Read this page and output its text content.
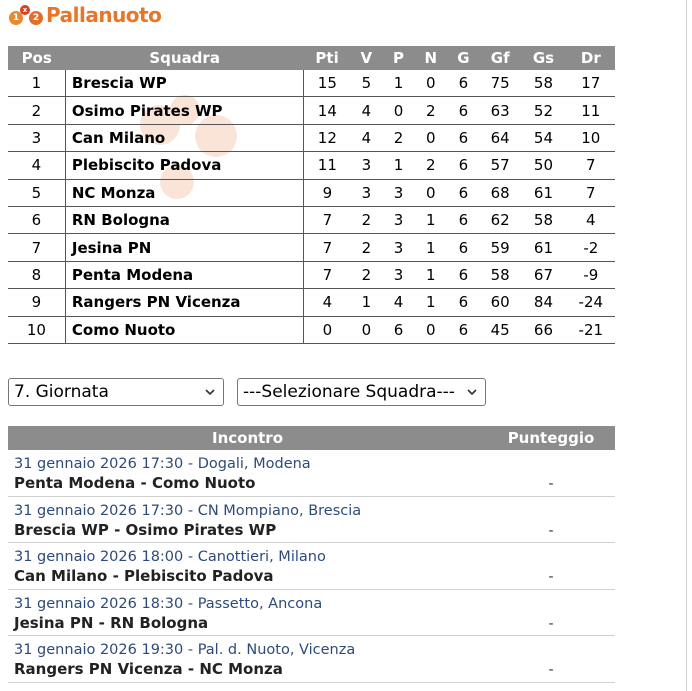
1
x
2 Pallanuoto
Pos	Squadra	Pti	V	P	N	G	Gf	Gs	Dr
1	Brescia WP	15	5	1	0	6	75	58	17
2	Osimo Pirates WP	14	4	0	2	6	63	52	11
3	Can Milano	12	4	2	0	6	64	54	10
4	Plebiscito Padova	11	3	1	2	6	57	50	7
5	NC Monza	9	3	3	0	6	68	61	7
6	RN Bologna	7	2	3	1	6	62	58	4
7	Jesina PN	7	2	3	1	6	59	61	-2
8	Penta Modena	7	2	3	1	6	58	67	-9
9	Rangers PN Vicenza	4	1	4	1	6	60	84	-24
10	Como Nuoto	0	0	6	0	6	45	66	-21
7. Giornata	---Selezionare Squadra---
Incontro	Punteggio
31 gennaio 2026 17:30 - Dogali, Modena
Penta Modena - Como Nuoto	-
31 gennaio 2026 17:30 - CN Mompiano, Brescia
Brescia WP - Osimo Pirates WP	-
31 gennaio 2026 18:00 - Canottieri, Milano
Can Milano - Plebiscito Padova	-
31 gennaio 2026 18:30 - Passetto, Ancona
Jesina PN - RN Bologna	-
31 gennaio 2026 19:30 - Pal. d. Nuoto, Vicenza
Rangers PN Vicenza - NC Monza	-
